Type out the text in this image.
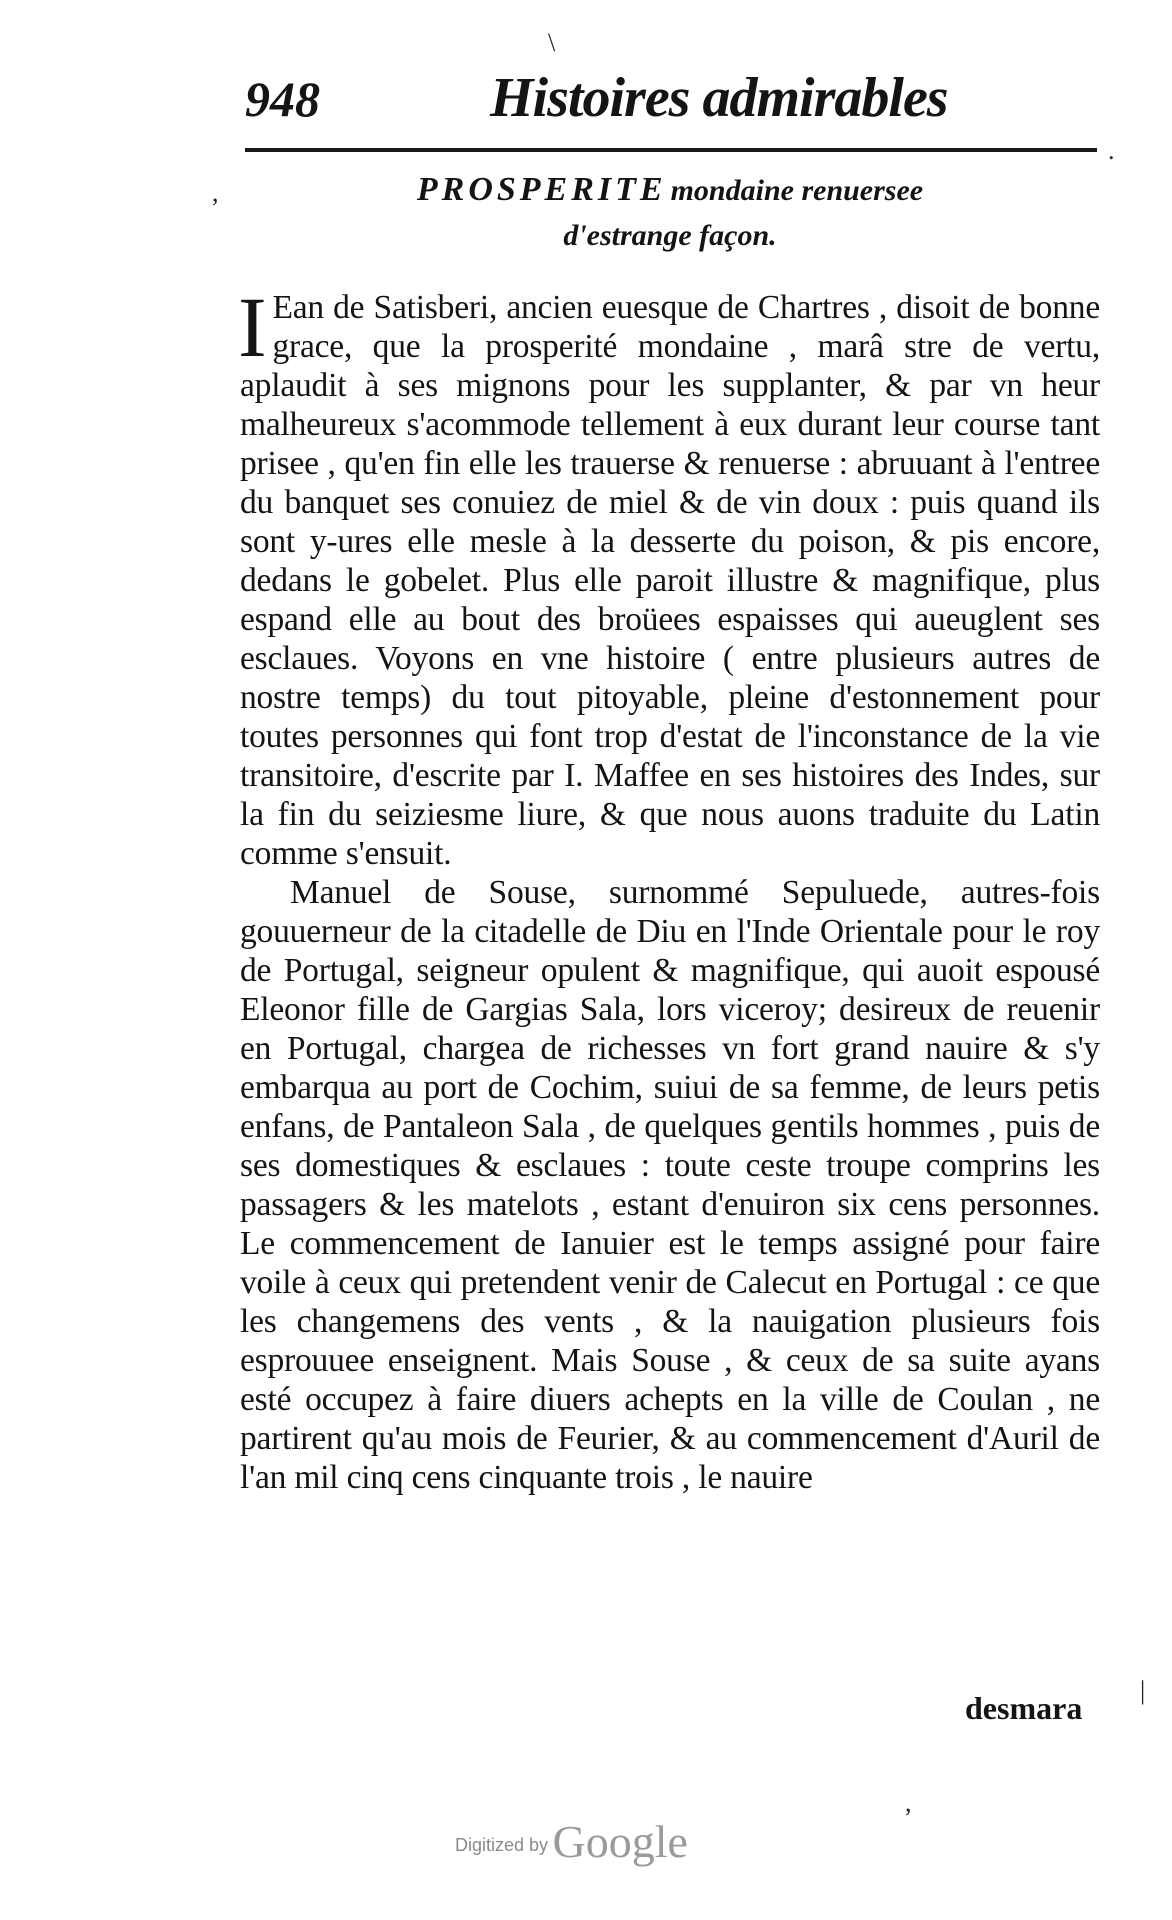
\
,
.
|
,
948	Histoires admirables
PROSPERITE mondaine renuersee
d'estrange façon.

I Ean de Satisberi, ancien euesque de Chartres , disoit de bonne grace, que la prosperité mondaine , marâ stre de vertu, aplaudit à ses mignons pour les supplanter, & par vn heur malheureux s'acommode tellement à eux durant leur course tant prisee , qu'en fin elle les trauerse & renuerse : abruuant à l'entree du banquet ses conuiez de miel & de vin doux : puis quand ils sont y-ures elle mesle à la desserte du poison, & pis encore, dedans le gobelet. Plus elle paroit illustre & magnifique, plus espand elle au bout des broüees espaisses qui aueuglent ses esclaues. Voyons en vne histoire ( entre plusieurs autres de nostre temps) du tout pitoyable, pleine d'estonnement pour toutes personnes qui font trop d'estat de l'inconstance de la vie transitoire, d'escrite par I. Maffee en ses histoires des Indes, sur la fin du seiziesme liure, & que nous auons traduite du Latin comme s'ensuit.

Manuel de Souse, surnommé Sepuluede, autres-fois gouuerneur de la citadelle de Diu en l'Inde Orientale pour le roy de Portugal, seigneur opulent & magnifique, qui auoit espousé Eleonor fille de Gargias Sala, lors viceroy; desireux de reuenir en Portugal, chargea de richesses vn fort grand nauire & s'y embarqua au port de Cochim, suiui de sa femme, de leurs petis enfans, de Pantaleon Sala , de quelques gentils hommes , puis de ses domestiques & esclaues : toute ceste troupe comprins les passagers & les matelots , estant d'enuiron six cens personnes. Le commencement de Ianuier est le temps assigné pour faire voile à ceux qui pretendent venir de Calecut en Portugal : ce que les changemens des vents , & la nauigation plusieurs fois esprouuee enseignent. Mais Souse , & ceux de sa suite ayans esté occupez à faire diuers achepts en la ville de Coulan , ne partirent qu'au mois de Feurier, & au commencement d'Auril de l'an mil cinq cens cinquante trois , le nauire

desmara
Digitized by Google
